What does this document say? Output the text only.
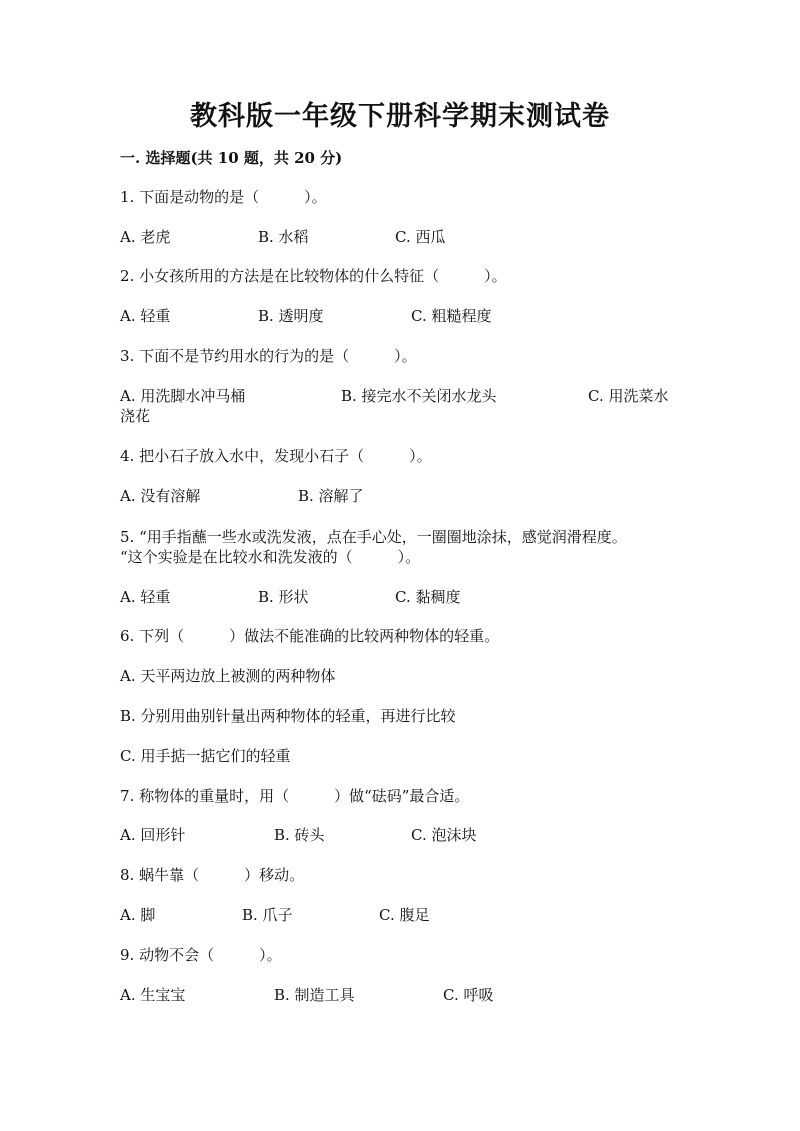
教科版一年级下册科学期末测试卷
一. 选择题(共 10 题，共 20 分)
1. 下面是动物的是（　　　）。
A. 老虎	B. 水稻	C. 西瓜
2. 小女孩所用的方法是在比较物体的什么特征（　　　）。
A. 轻重	B. 透明度	C. 粗糙程度
3. 下面不是节约用水的行为的是（　　　）。
A. 用洗脚水冲马桶	B. 接完水不关闭水龙头	C. 用洗菜水
浇花
4. 把小石子放入水中，发现小石子（　　　）。
A. 没有溶解	B. 溶解了
5. “用手指蘸一些水或洗发液，点在手心处，一圈圈地涂抹，感觉润滑程度。
“这个实验是在比较水和洗发液的（　　　）。
A. 轻重	B. 形状	C. 黏稠度
6. 下列（　　　）做法不能准确的比较两种物体的轻重。
A. 天平两边放上被测的两种物体
B. 分别用曲别针量出两种物体的轻重，再进行比较
C. 用手掂一掂它们的轻重
7. 称物体的重量时，用（　　　）做“砝码”最合适。
A. 回形针	B. 砖头	C. 泡沫块
8. 蜗牛靠（　　　）移动。
A. 脚	B. 爪子	C. 腹足
9. 动物不会（　　　）。
A. 生宝宝	B. 制造工具	C. 呼吸
